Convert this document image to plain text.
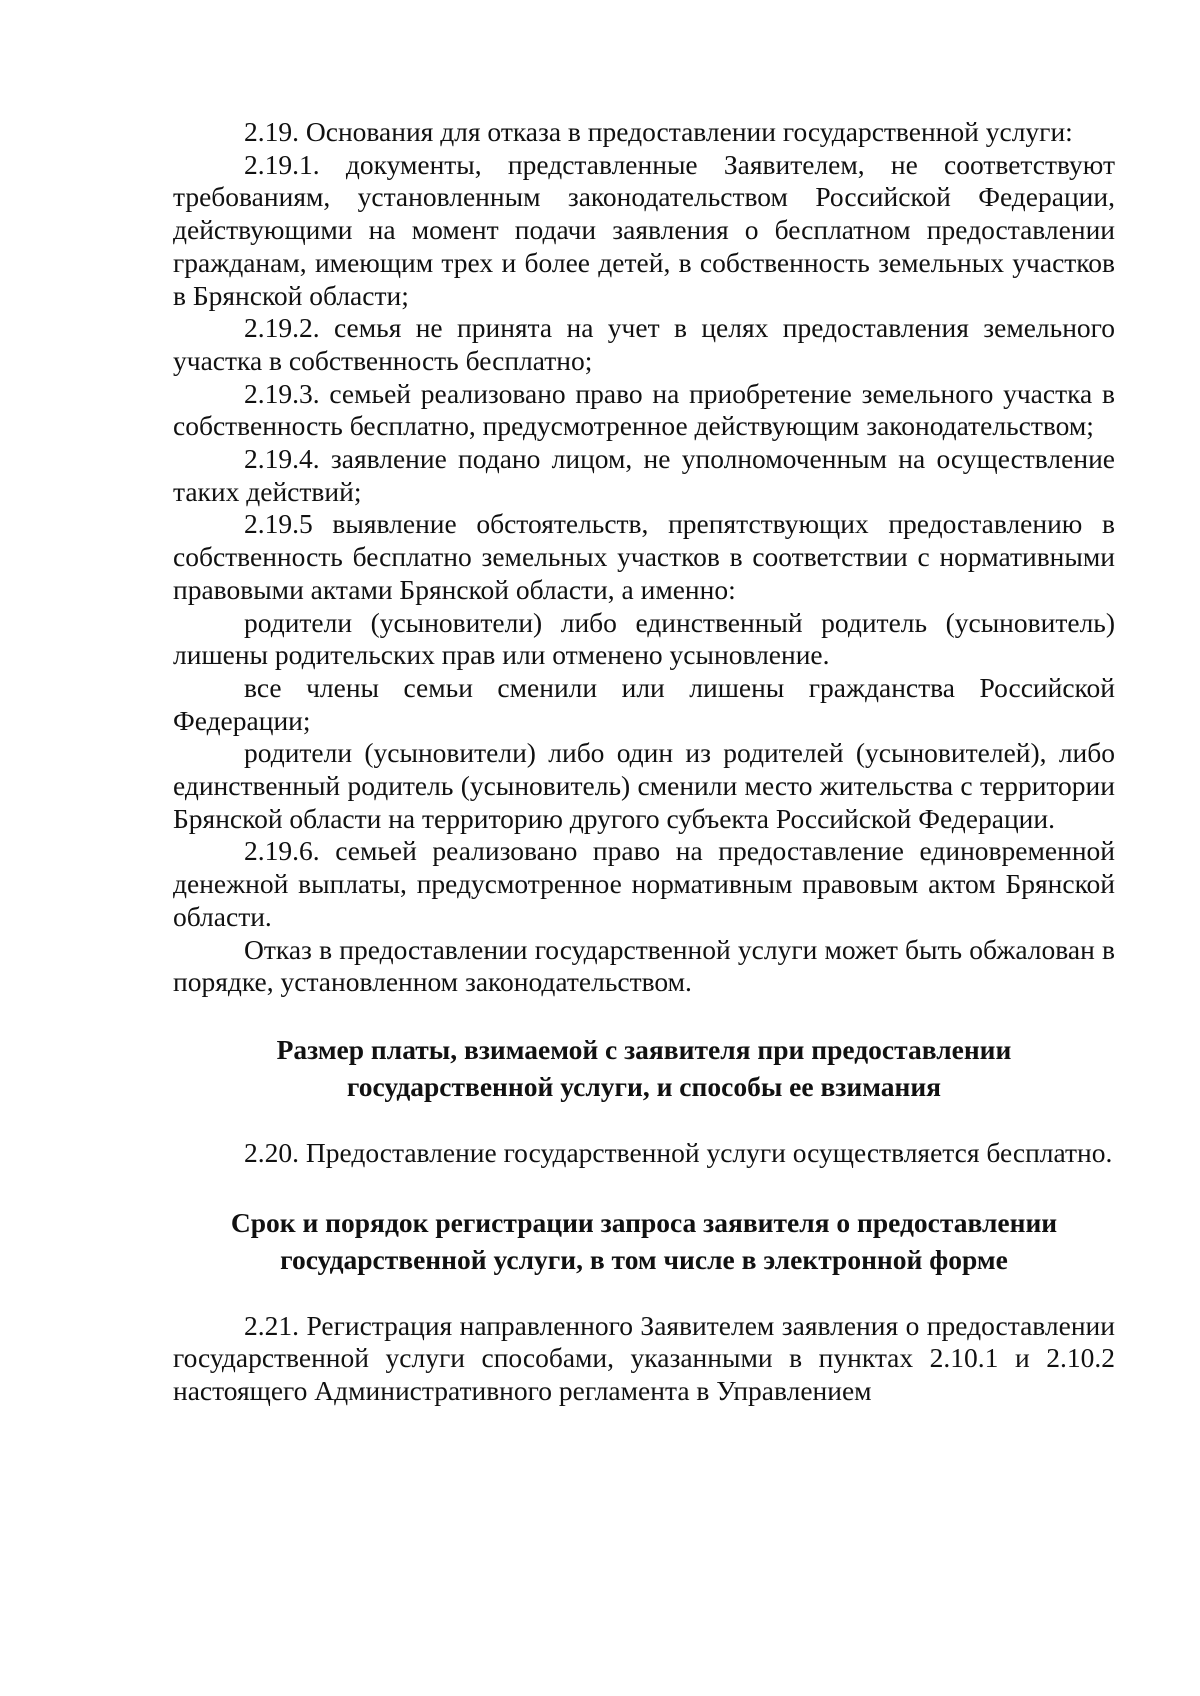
2.19. Основания для отказа в предоставлении государственной услуги:

2.19.1. документы, представленные Заявителем, не соответствуют требованиям, установленным законодательством Российской Федерации, действующими на момент подачи заявления о бесплатном предоставлении гражданам, имеющим трех и более детей, в собственность земельных участков в Брянской области;

2.19.2. семья не принята на учет в целях предоставления земельного участка в собственность бесплатно;

2.19.3. семьей реализовано право на приобретение земельного участка в собственность бесплатно, предусмотренное действующим законодательством;

2.19.4. заявление подано лицом, не уполномоченным на осуществление таких действий;

2.19.5 выявление обстоятельств, препятствующих предоставлению в собственность бесплатно земельных участков в соответствии с нормативными правовыми актами Брянской области, а именно:

родители (усыновители) либо единственный родитель (усыновитель) лишены родительских прав или отменено усыновление.

все члены семьи сменили или лишены гражданства Российской Федерации;

родители (усыновители) либо один из родителей (усыновителей), либо единственный родитель (усыновитель) сменили место жительства с территории Брянской области на территорию другого субъекта Российской Федерации.

2.19.6. семьей реализовано право на предоставление единовременной денежной выплаты, предусмотренное нормативным правовым актом Брянской области.

Отказ в предоставлении государственной услуги может быть обжалован в порядке, установленном законодательством.

Размер платы, взимаемой с заявителя при предоставлении государственной услуги, и способы ее взимания

2.20. Предоставление государственной услуги осуществляется бесплатно.

Срок и порядок регистрации запроса заявителя о предоставлении государственной услуги, в том числе в электронной форме

2.21. Регистрация направленного Заявителем заявления о предоставлении государственной услуги способами, указанными в пунктах 2.10.1 и 2.10.2 настоящего Административного регламента в Управлением
